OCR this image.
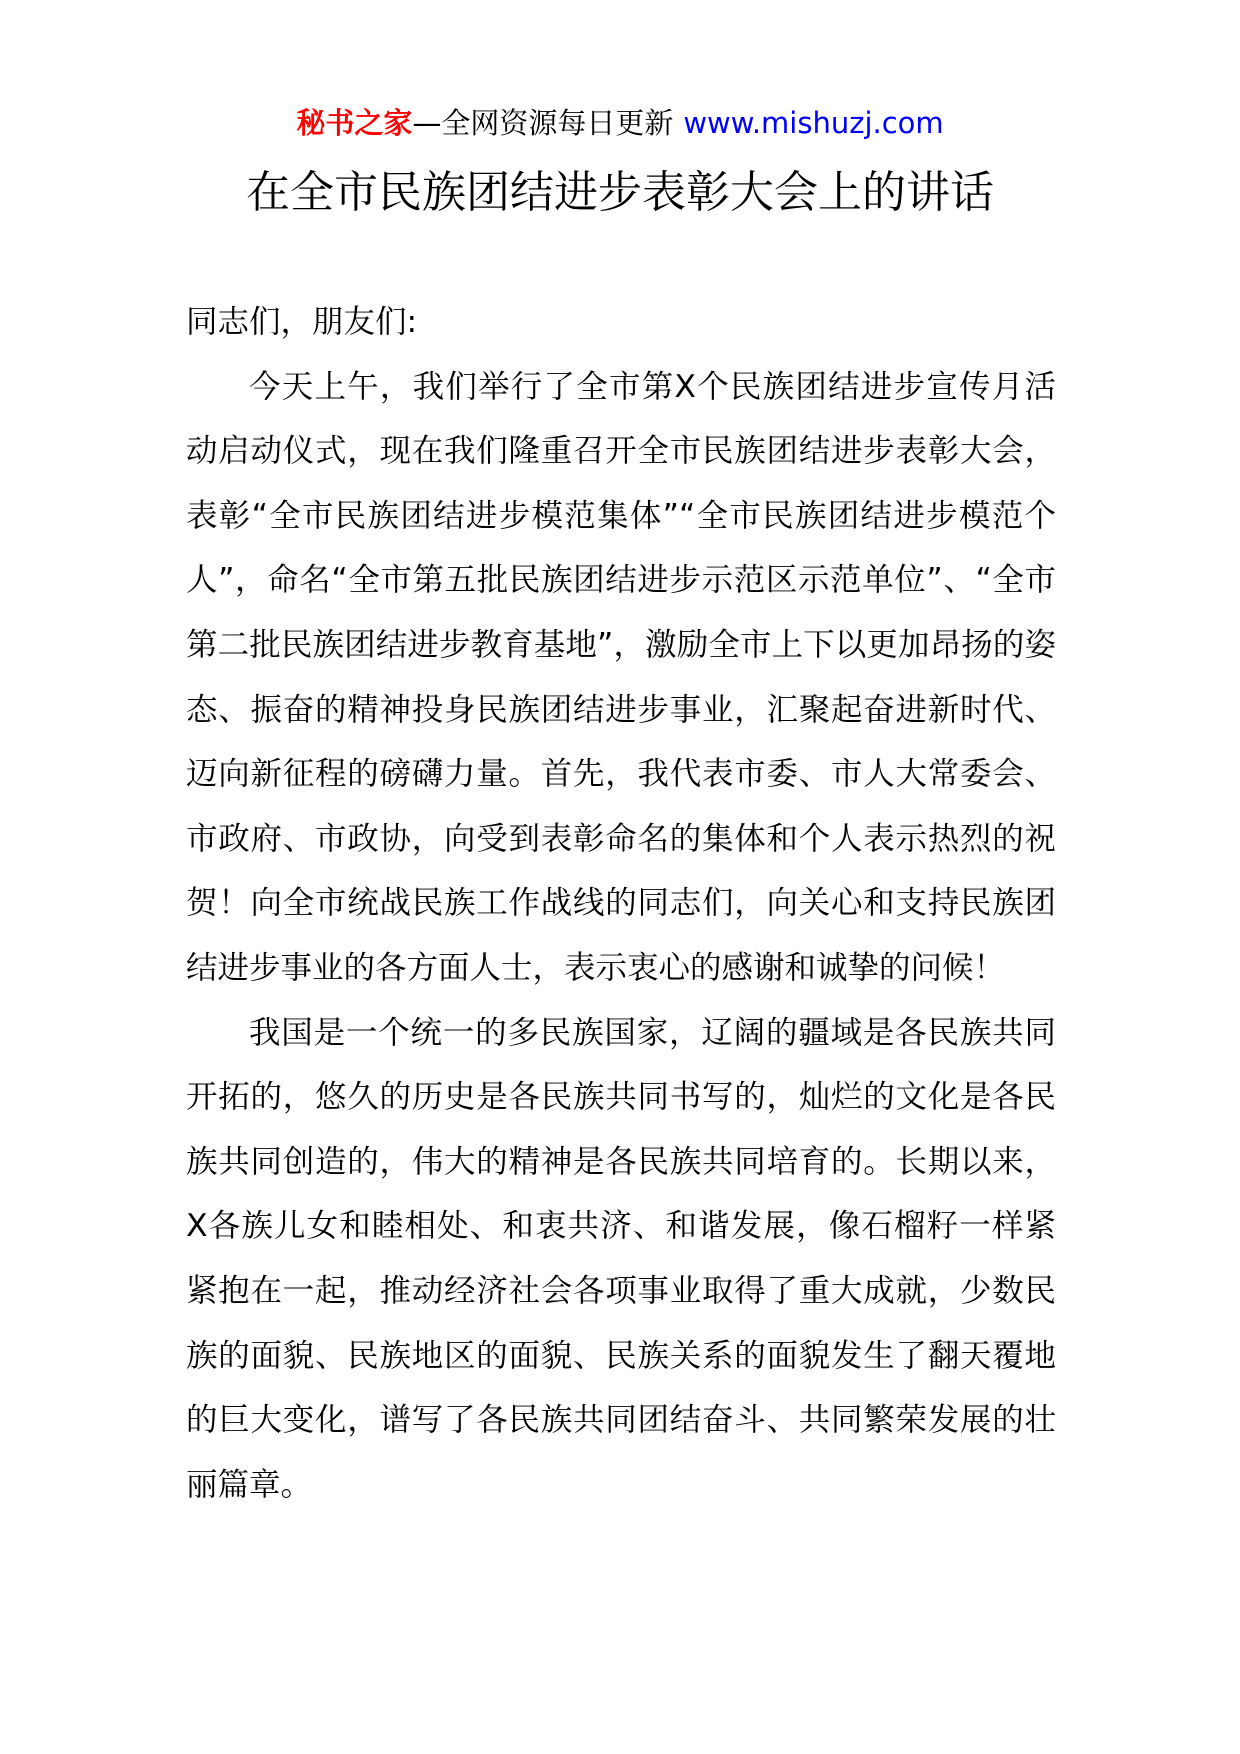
秘书之家—全网资源每日更新 www.mishuzj.com
在全市民族团结进步表彰大会上的讲话

同志们，朋友们:

今天上午，我们举行了全市第X个民族团结进步宣传月活动启动仪式，现在我们隆重召开全市民族团结进步表彰大会，表彰“全市民族团结进步模范集体”“全市民族团结进步模范个人”，命名“全市第五批民族团结进步示范区示范单位”、“全市第二批民族团结进步教育基地”，激励全市上下以更加昂扬的姿态、振奋的精神投身民族团结进步事业，汇聚起奋进新时代、迈向新征程的磅礴力量。首先，我代表市委、市人大常委会、市政府、市政协，向受到表彰命名的集体和个人表示热烈的祝贺！向全市统战民族工作战线的同志们，向关心和支持民族团结进步事业的各方面人士，表示衷心的感谢和诚挚的问候！

我国是一个统一的多民族国家，辽阔的疆域是各民族共同开拓的，悠久的历史是各民族共同书写的，灿烂的文化是各民族共同创造的，伟大的精神是各民族共同培育的。长期以来，X各族儿女和睦相处、和衷共济、和谐发展，像石榴籽一样紧紧抱在一起，推动经济社会各项事业取得了重大成就，少数民族的面貌、民族地区的面貌、民族关系的面貌发生了翻天覆地的巨大变化，谱写了各民族共同团结奋斗、共同繁荣发展的壮丽篇章。
